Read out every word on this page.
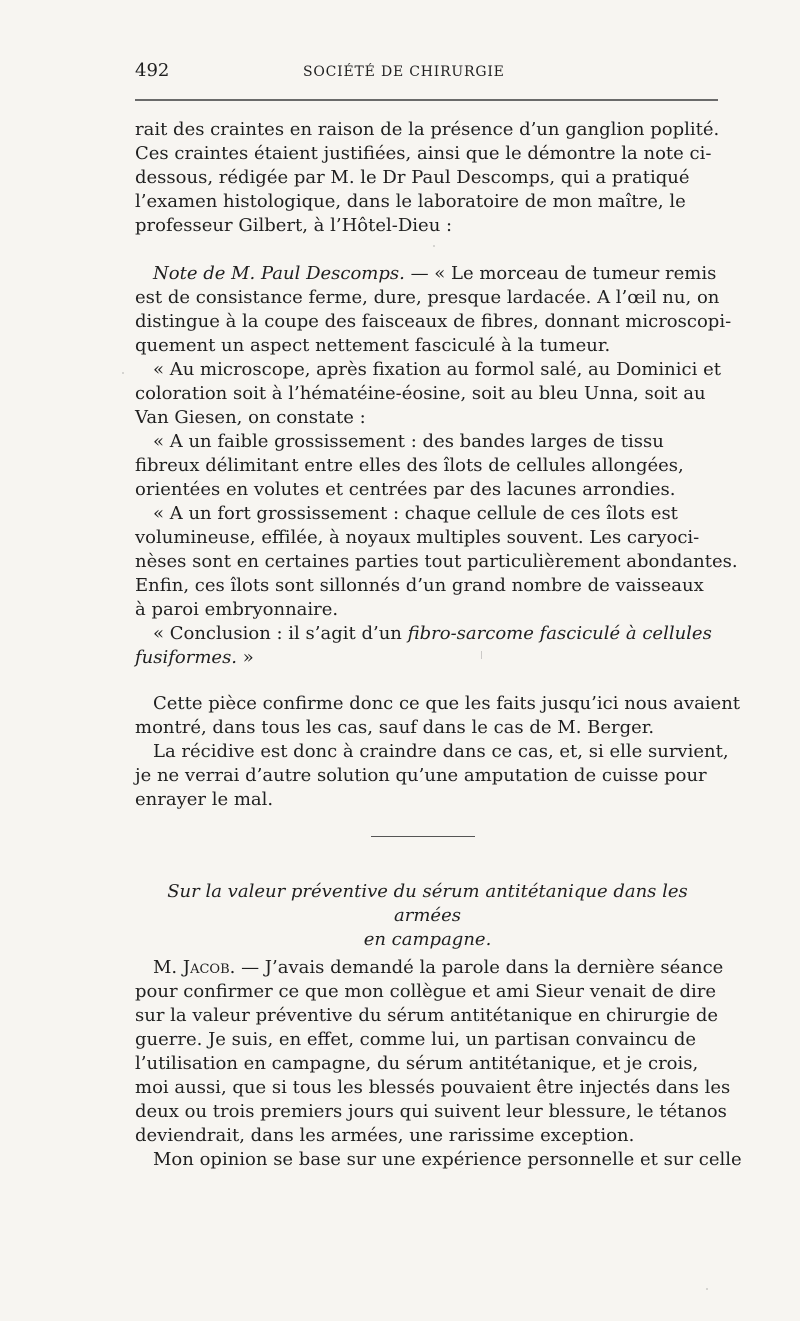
492	SOCIÉTÉ DE CHIRURGIE
rait des craintes en raison de la présence d’un ganglion poplité.
Ces craintes étaient justifiées, ainsi que le démontre la note ci-
dessous, rédigée par M. le Dr Paul Descomps, qui a pratiqué
l’examen histologique, dans le laboratoire de mon maître, le
professeur Gilbert, à l’Hôtel-Dieu :
Note de M. Paul Descomps. — « Le morceau de tumeur remis
est de consistance ferme, dure, presque lardacée. A l’œil nu, on
distingue à la coupe des faisceaux de fibres, donnant microscopi-
quement un aspect nettement fasciculé à la tumeur.
« Au microscope, après fixation au formol salé, au Dominici et
coloration soit à l’hématéine-éosine, soit au bleu Unna, soit au
Van Giesen, on constate :
« A un faible grossissement : des bandes larges de tissu
fibreux délimitant entre elles des îlots de cellules allongées,
orientées en volutes et centrées par des lacunes arrondies.
« A un fort grossissement : chaque cellule de ces îlots est
volumineuse, effilée, à noyaux multiples souvent. Les caryoci-
nèses sont en certaines parties tout particulièrement abondantes.
Enfin, ces îlots sont sillonnés d’un grand nombre de vaisseaux
à paroi embryonnaire.
« Conclusion : il s’agit d’un fibro-sarcome fasciculé à cellules
fusiformes. »
Cette pièce confirme donc ce que les faits jusqu’ici nous avaient
montré, dans tous les cas, sauf dans le cas de M. Berger.
La récidive est donc à craindre dans ce cas, et, si elle survient,
je ne verrai d’autre solution qu’une amputation de cuisse pour
enrayer le mal.
Sur la valeur préventive du sérum antitétanique dans les armées
en campagne.
M. Jacob. — J’avais demandé la parole dans la dernière séance
pour confirmer ce que mon collègue et ami Sieur venait de dire
sur la valeur préventive du sérum antitétanique en chirurgie de
guerre. Je suis, en effet, comme lui, un partisan convaincu de
l’utilisation en campagne, du sérum antitétanique, et je crois,
moi aussi, que si tous les blessés pouvaient être injectés dans les
deux ou trois premiers jours qui suivent leur blessure, le tétanos
deviendrait, dans les armées, une rarissime exception.
Mon opinion se base sur une expérience personnelle et sur celle
